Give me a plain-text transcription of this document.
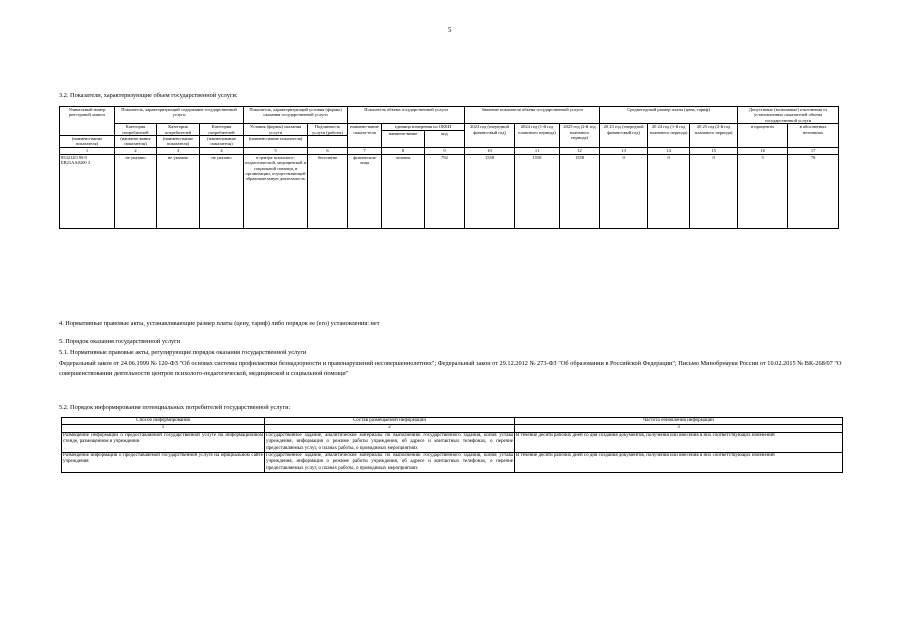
5
3.2. Показатели, характеризующие объем государственной услуги:
Уникальный номер реестровой записи	Показатель, характеризующий содержание государственной услуги			Показатель, характеризующий условия (формы) оказания государственной услуги		Показатель объема государственной услуги			Значение показателя объема государственной услуги			Среднегодовой размер платы (цена, тариф)			Допустимые (возможные) отклонения от установленных показателей объема государственной услуги	
	Категория потребителей	Категория потребителей	Категория потребителей	Условия (формы) оказания услуги	Подлинность услуги (работы)	наимено-вание показа-теля	единица измерения по ОКЕИ		2023 год (очередной финансовый год)	2024 год (1-й год планового периода)	2025 год (2-й год планового периода)	20 23 год (очередной финансовый год)	20 24 год (1-й год планового периода)	20 25 год (2-й год планового периода)	в процентах	в абсолютных величинах
							наимено-вание	код								
(наимено-вание показателя)	(наимено-вание показателя)	(наимено-вание показателя)	(наименование показателя)	(наимено-вание показателя)												
1	2	3	4	5	6	7	8	9	10	11	12	13	14	15	16	17
853212О.99.0 БВ21АА0200 3	не указано	не указано	не указано	в центре психолого-педагогической, медицинской и социальной помощи, в организации, осуществляющей образовательную деятельность	бесплатно	физические лица	человек	792	1558	1558	1558	0	0	0	5	78
4. Нормативные правовые акты, устанавливающие размер платы (цену, тариф) либо порядок ее (его) установления: нет
5. Порядок оказания государственной услуги
5.1. Нормативные правовые акты, регулирующие порядок оказания государственной услуги
Федеральный закон от 24.06.1999 № 120-ФЗ "Об основах системы профилактики безнадзорности и правонарушений несовершеннолетних"; Федеральный закон от 29.12.2012 № 273-ФЗ "Об образовании в Российской Федерации"; Письмо Минобрнауки России от 10.02.2015 № ВК-268/07 "О совершенствовании деятельности центров психолого-педагогической, медицинской и социальной помощи"
5.2. Порядок информирования потенциальных потребителей государственной услуги:
Способ информирования	Состав размещаемой информации	Частота обновления информации
1	2	3
Размещение информации о предоставляемой государственной услуге на информационном стенде, размещенном в учреждении	Государственное задание, аналитические материалы по выполнению государственного задания, копия устава учреждения, информация о режиме работы учреждения, об адресе и контактных телефонах, о перечне предоставляемых услуг, о планах работы, о проводимых мероприятиях	В течение десяти рабочих дней со дня создания документов, получения или внесения в них соответствующих изменений
Размещение информации о предоставляемой государственной услуге на официальном сайте учреждения	Государственное задание, аналитические материалы по выполнению государственного задания, копия устава учреждения, информация о режиме работы учреждения, об адресе и контактных телефонах, о перечне предоставляемых услуг, о планах работы, о проводимых мероприятиях	В течение десяти рабочих дней со дня создания документов, получения или внесения в них соответствующих изменений
